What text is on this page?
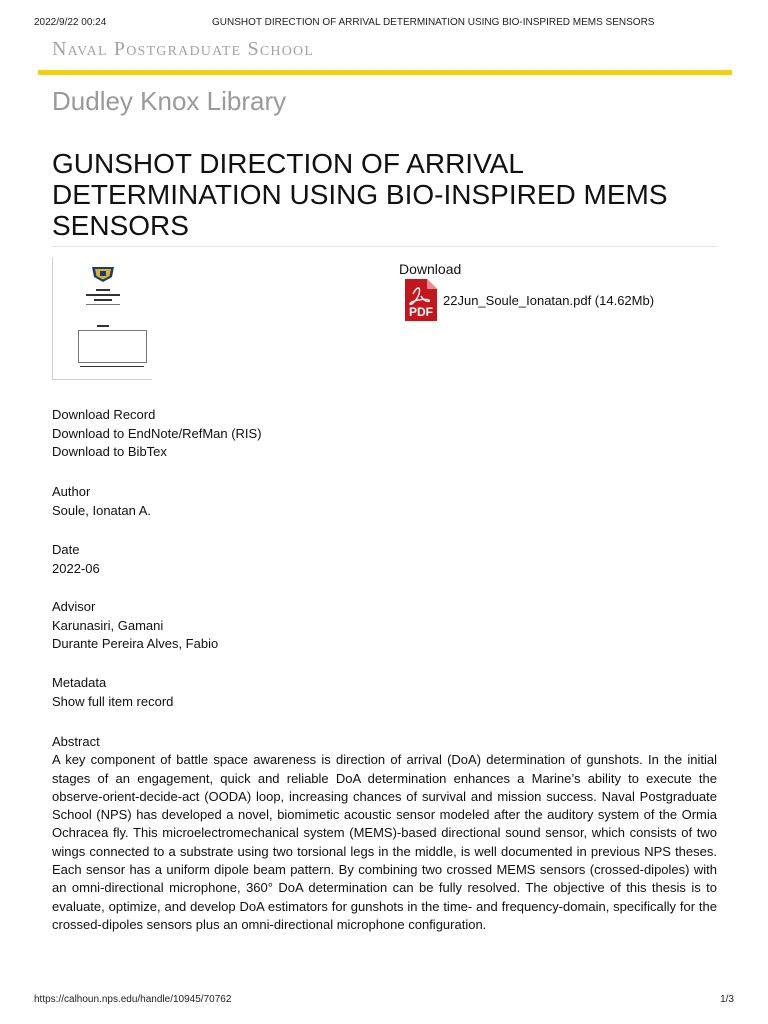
2022/9/22 00:24	GUNSHOT DIRECTION OF ARRIVAL DETERMINATION USING BIO-INSPIRED MEMS SENSORS
Naval Postgraduate School
Dudley Knox Library
GUNSHOT DIRECTION OF ARRIVAL DETERMINATION USING BIO-INSPIRED MEMS SENSORS
Download
PDF
22Jun_Soule_Ionatan.pdf (14.62Mb)
Download Record
Download to EndNote/RefMan (RIS)
Download to BibTex
Author
Soule, Ionatan A.
Date
2022-06
Advisor
Karunasiri, Gamani
Durante Pereira Alves, Fabio
Metadata
Show full item record
Abstract
A key component of battle space awareness is direction of arrival (DoA) determination of gunshots. In the initial stages of an engagement, quick and reliable DoA determination enhances a Marine’s ability to execute the observe-orient-decide-act (OODA) loop, increasing chances of survival and mission success. Naval Postgraduate School (NPS) has developed a novel, biomimetic acoustic sensor modeled after the auditory system of the Ormia Ochracea fly. This microelectromechanical system (MEMS)-based directional sound sensor, which consists of two wings connected to a substrate using two torsional legs in the middle, is well documented in previous NPS theses. Each sensor has a uniform dipole beam pattern. By combining two crossed MEMS sensors (crossed-dipoles) with an omni-directional microphone, 360° DoA determination can be fully resolved. The objective of this thesis is to evaluate, optimize, and develop DoA estimators for gunshots in the time- and frequency-domain, specifically for the crossed-dipoles sensors plus an omni-directional microphone configuration.
https://calhoun.nps.edu/handle/10945/70762	1/3
